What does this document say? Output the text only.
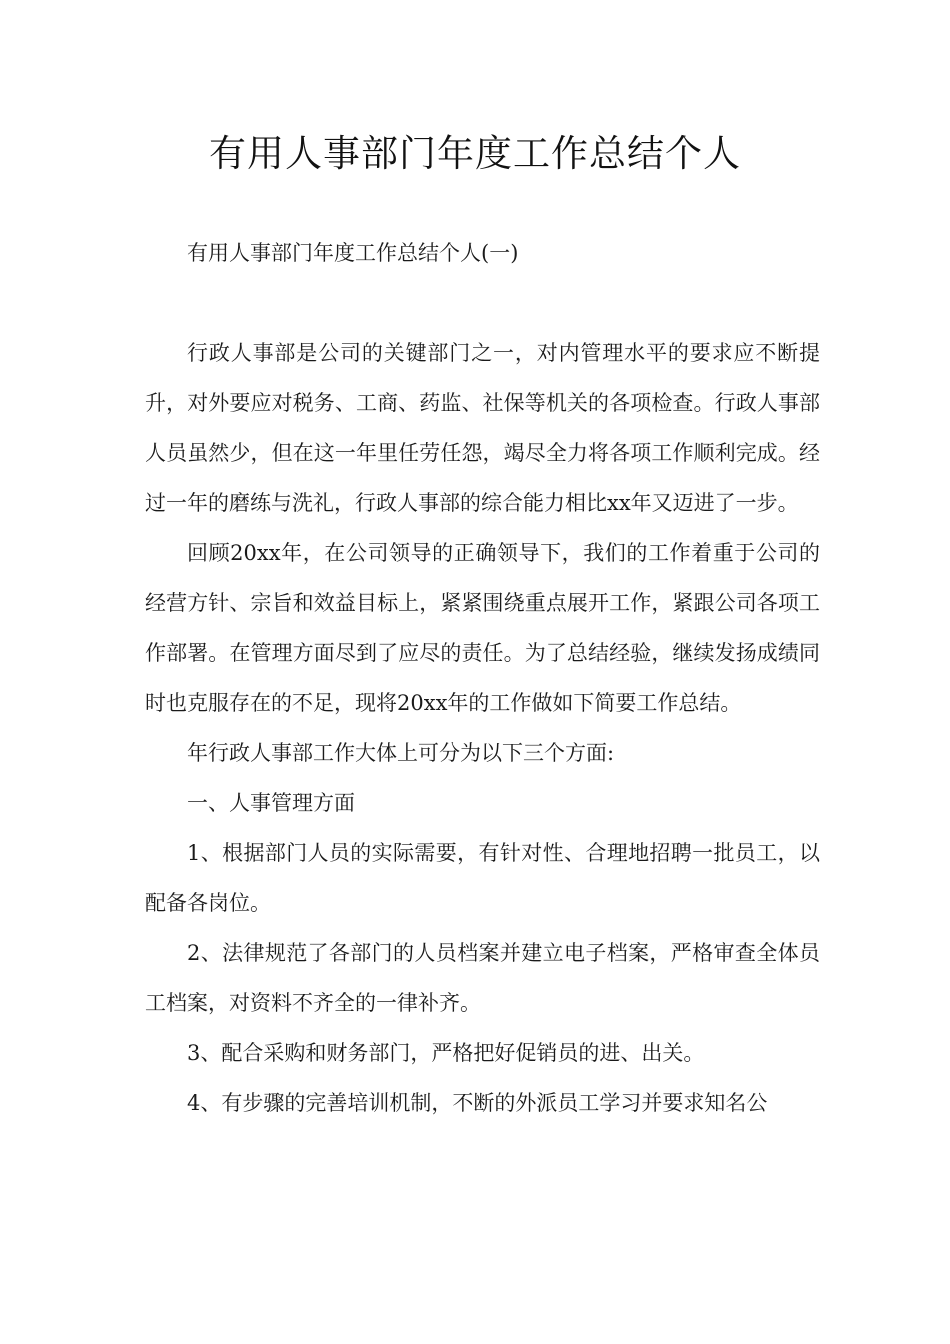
有用人事部门年度工作总结个人

有用人事部门年度工作总结个人(一)

行政人事部是公司的关键部门之一，对内管理水平的要求应不断提升，对外要应对税务、工商、药监、社保等机关的各项检查。行政人事部人员虽然少，但在这一年里任劳任怨，竭尽全力将各项工作顺利完成。经过一年的磨练与洗礼，行政人事部的综合能力相比xx年又迈进了一步。

回顾20xx年，在公司领导的正确领导下，我们的工作着重于公司的经营方针、宗旨和效益目标上，紧紧围绕重点展开工作，紧跟公司各项工作部署。在管理方面尽到了应尽的责任。为了总结经验，继续发扬成绩同时也克服存在的不足，现将20xx年的工作做如下简要工作总结。

年行政人事部工作大体上可分为以下三个方面:

一、人事管理方面

1、根据部门人员的实际需要，有针对性、合理地招聘一批员工，以配备各岗位。

2、法律规范了各部门的人员档案并建立电子档案，严格审查全体员工档案，对资料不齐全的一律补齐。

3、配合采购和财务部门，严格把好促销员的进、出关。

4、有步骤的完善培训机制，不断的外派员工学习并要求知名公
